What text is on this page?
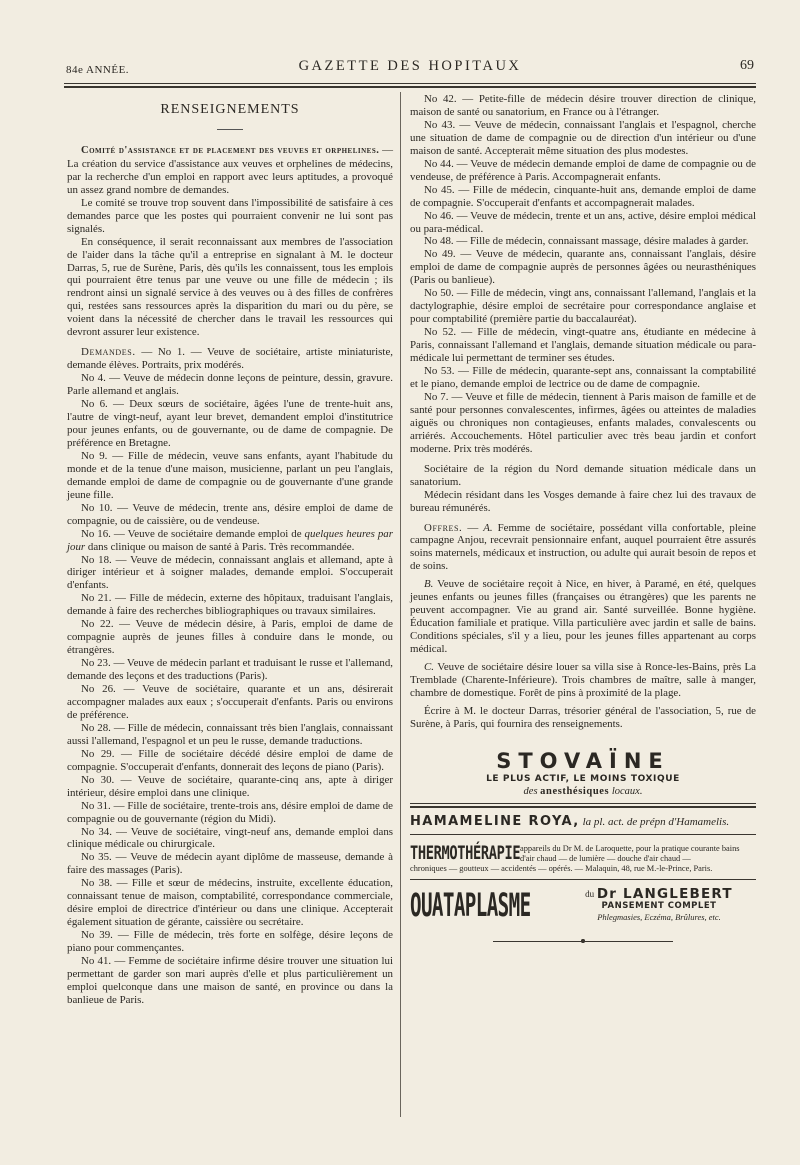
84e ANNÉE.	GAZETTE DES HOPITAUX	69
RENSEIGNEMENTS

Comité d'assistance et de placement des veuves et orphelines. — La création du service d'assistance aux veuves et orphelines de médecins, par la recherche d'un emploi en rapport avec leurs aptitudes, a provoqué un assez grand nombre de demandes.

Le comité se trouve trop souvent dans l'impossibilité de satisfaire à ces demandes parce que les postes qui pourraient convenir ne lui sont pas signalés.

En conséquence, il serait reconnaissant aux membres de l'association de l'aider dans la tâche qu'il a entreprise en signalant à M. le docteur Darras, 5, rue de Surène, Paris, dès qu'ils les connaissent, tous les emplois qui pourraient être tenus par une veuve ou une fille de médecin ; ils rendront ainsi un signalé service à des veuves ou à des filles de confrères qui, restées sans ressources après la disparition du mari ou du père, se voient dans la nécessité de chercher dans le travail les ressources qui devront assurer leur existence.

Demandes. — No 1. — Veuve de sociétaire, artiste miniaturiste, demande élèves. Portraits, prix modérés.

No 4. — Veuve de médecin donne leçons de peinture, dessin, gravure. Parle allemand et anglais.

No 6. — Deux sœurs de sociétaire, âgées l'une de trente-huit ans, l'autre de vingt-neuf, ayant leur brevet, demandent emploi d'institutrice pour jeunes enfants, ou de gouvernante, ou de dame de compagnie. De préférence en Bretagne.

No 9. — Fille de médecin, veuve sans enfants, ayant l'habitude du monde et de la tenue d'une maison, musicienne, parlant un peu l'anglais, demande emploi de dame de compagnie ou de gouvernante d'une grande jeune fille.

No 10. — Veuve de médecin, trente ans, désire emploi de dame de compagnie, ou de caissière, ou de vendeuse.

No 16. — Veuve de sociétaire demande emploi de quelques heures par jour dans clinique ou maison de santé à Paris. Très recommandée.

No 18. — Veuve de médecin, connaissant anglais et allemand, apte à diriger intérieur et à soigner malades, demande emploi. S'occuperait d'enfants.

No 21. — Fille de médecin, externe des hôpitaux, traduisant l'anglais, demande à faire des recherches bibliographiques ou travaux similaires.

No 22. — Veuve de médecin désire, à Paris, emploi de dame de compagnie auprès de jeunes filles à conduire dans le monde, ou étrangères.

No 23. — Veuve de médecin parlant et traduisant le russe et l'allemand, demande des leçons et des traductions (Paris).

No 26. — Veuve de sociétaire, quarante et un ans, désirerait accompagner malades aux eaux ; s'occuperait d'enfants. Paris ou environs de préférence.

No 28. — Fille de médecin, connaissant très bien l'anglais, connaissant aussi l'allemand, l'espagnol et un peu le russe, demande traductions.

No 29. — Fille de sociétaire décédé désire emploi de dame de compagnie. S'occuperait d'enfants, donnerait des leçons de piano (Paris).

No 30. — Veuve de sociétaire, quarante-cinq ans, apte à diriger intérieur, désire emploi dans une clinique.

No 31. — Fille de sociétaire, trente-trois ans, désire emploi de dame de compagnie ou de gouvernante (région du Midi).

No 34. — Veuve de sociétaire, vingt-neuf ans, demande emploi dans clinique médicale ou chirurgicale.

No 35. — Veuve de médecin ayant diplôme de masseuse, demande à faire des massages (Paris).

No 38. — Fille et sœur de médecins, instruite, excellente éducation, connaissant tenue de maison, comptabilité, correspondance commerciale, désire emploi de directrice d'intérieur ou dans une clinique. Accepterait également situation de gérante, caissière ou secrétaire.

No 39. — Fille de médecin, très forte en solfège, désire leçons de piano pour commençantes.

No 41. — Femme de sociétaire infirme désire trouver une situation lui permettant de garder son mari auprès d'elle et plus particulièrement un emploi quelconque dans une maison de santé, en province ou dans la banlieue de Paris.

No 42. — Petite-fille de médecin désire trouver direction de clinique, maison de santé ou sanatorium, en France ou à l'étranger.

No 43. — Veuve de médecin, connaissant l'anglais et l'espagnol, cherche une situation de dame de compagnie ou de direction d'un intérieur ou d'une maison de santé. Accepterait même situation des plus modestes.

No 44. — Veuve de médecin demande emploi de dame de compagnie ou de vendeuse, de préférence à Paris. Accompagnerait enfants.

No 45. — Fille de médecin, cinquante-huit ans, demande emploi de dame de compagnie. S'occuperait d'enfants et accompagnerait malades.

No 46. — Veuve de médecin, trente et un ans, active, désire emploi médical ou para-médical.

No 48. — Fille de médecin, connaissant massage, désire malades à garder.

No 49. — Veuve de médecin, quarante ans, connaissant l'anglais, désire emploi de dame de compagnie auprès de personnes âgées ou neurasthéniques (Paris ou banlieue).

No 50. — Fille de médecin, vingt ans, connaissant l'allemand, l'anglais et la dactylographie, désire emploi de secrétaire pour correspondance anglaise et pour comptabilité (première partie du baccalauréat).

No 52. — Fille de médecin, vingt-quatre ans, étudiante en médecine à Paris, connaissant l'allemand et l'anglais, demande situation médicale ou para-médicale lui permettant de terminer ses études.

No 53. — Fille de médecin, quarante-sept ans, connaissant la comptabilité et le piano, demande emploi de lectrice ou de dame de compagnie.

No 7. — Veuve et fille de médecin, tiennent à Paris maison de famille et de santé pour personnes convalescentes, infirmes, âgées ou atteintes de maladies aiguës ou chroniques non contagieuses, enfants malades, convalescents ou arriérés. Accouchements. Hôtel particulier avec très beau jardin et confort moderne. Prix très modérés.

Sociétaire de la région du Nord demande situation médicale dans un sanatorium.

Médecin résidant dans les Vosges demande à faire chez lui des travaux de bureau rémunérés.

Offres. — A. Femme de sociétaire, possédant villa confortable, pleine campagne Anjou, recevrait pensionnaire enfant, auquel pourraient être assurés soins maternels, médicaux et instruction, ou adulte qui aurait besoin de repos et de soins.

B. Veuve de sociétaire reçoit à Nice, en hiver, à Paramé, en été, quelques jeunes enfants ou jeunes filles (françaises ou étrangères) que les parents ne peuvent accompagner. Vie au grand air. Santé surveillée. Bonne hygiène. Éducation familiale et pratique. Villa particulière avec jardin et salle de bains. Conditions spéciales, s'il y a lieu, pour les jeunes filles appartenant au corps médical.

C. Veuve de sociétaire désire louer sa villa sise à Ronce-les-Bains, près La Tremblade (Charente-Inférieure). Trois chambres de maître, salle à manger, chambre de domestique. Forêt de pins à proximité de la plage.

Écrire à M. le docteur Darras, trésorier général de l'association, 5, rue de Surène, à Paris, qui fournira des renseignements.

STOVAÏNE
LE PLUS ACTIF, LE MOINS TOXIQUE
des anesthésiques locaux.
HAMAMELINE ROYA, la pl. act. de prépn d'Hamamelis.
THERMOTHÉRAPIE appareils du Dr M. de Laroquette, pour la pratique courante bains d'air chaud — de lumière — douche d'air chaud —
chroniques — goutteux — accidentés — opérés. — Malaquin, 48, rue M.-le-Prince, Paris.
OUATAPLASME	$^{du}$ Dr LANGLEBERT
PANSEMENT COMPLET
Phlegmasies, Eczéma, Brûlures, etc.
